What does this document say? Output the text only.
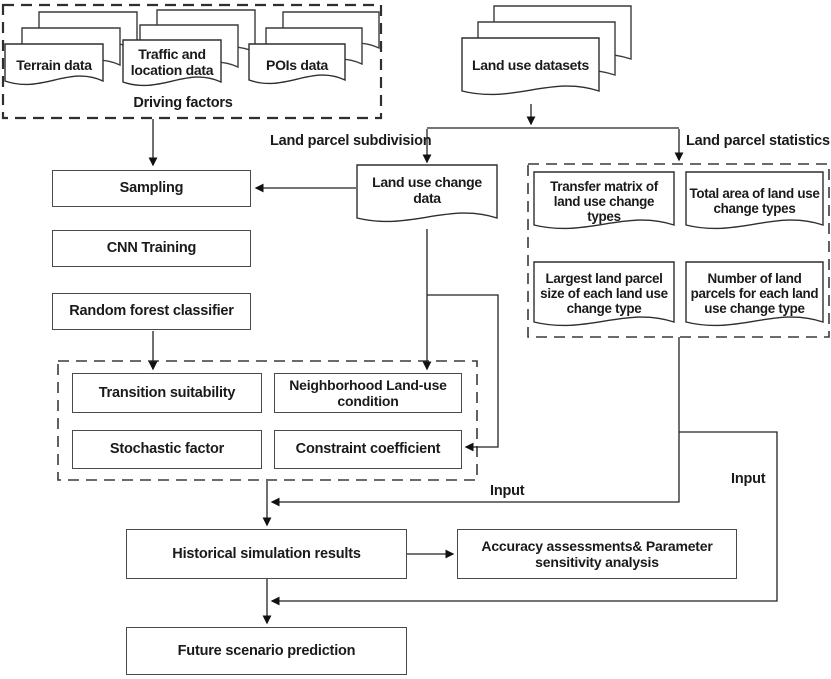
Terrain data
Traffic and location data	POIs data
Driving factors
Land use datasets
Land parcel subdivision	Land parcel statistics
Sampling
CNN Training
Random forest classifier
Land use change data
Transfer matrix of land use change types
Total area of land use change types
Largest land parcel size of each land use change type
Number of land parcels for each land use change type
Transition suitability	Neighborhood Land-use condition
Stochastic factor	Constraint coefficient
Input
Input
Historical simulation results	Accuracy assessments& Parameter sensitivity analysis
Future scenario prediction
